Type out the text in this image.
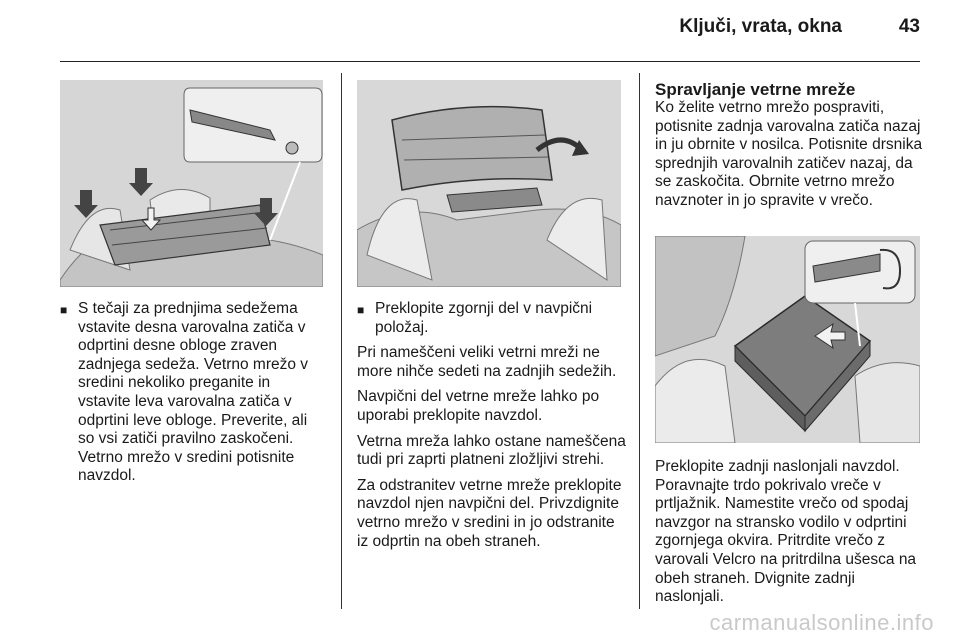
Ključi, vrata, okna	43
■ S tečaji za prednjima sedežema vstavite desna varovalna zatiča v odprtini desne obloge zraven zadnjega sedeža. Vetrno mrežo v sredini nekoliko preganite in vstavite leva varovalna zatiča v odprtini leve obloge. Preverite, ali so vsi zatiči pravilno zaskočeni. Vetrno mrežo v sredini potisnite navzdol.
■ Preklopite zgornji del v navpični položaj.

Pri nameščeni veliki vetrni mreži ne more nihče sedeti na zadnjih sedežih.

Navpični del vetrne mreže lahko po uporabi preklopite navzdol.

Vetrna mreža lahko ostane nameščena tudi pri zaprti platneni zložljivi strehi.

Za odstranitev vetrne mreže preklopite navzdol njen navpični del. Privzdignite vetrno mrežo v sredini in jo odstranite iz odprtin na obeh straneh.

Spravljanje vetrne mreže

Ko želite vetrno mrežo pospraviti, potisnite zadnja varovalna zatiča nazaj in ju obrnite v nosilca. Potisnite drsnika sprednjih varovalnih zatičev nazaj, da se zaskočita. Obrnite vetrno mrežo navznoter in jo spravite v vrečo.

Preklopite zadnji naslonjali navzdol. Poravnajte trdo pokrivalo vreče v prtljažnik. Namestite vrečo od spodaj navzgor na stransko vodilo v odprtini zgornjega okvira. Pritrdite vrečo z varovali Velcro na pritrdilna ušesca na obeh straneh. Dvignite zadnji naslonjali.

carmanualsonline.info
